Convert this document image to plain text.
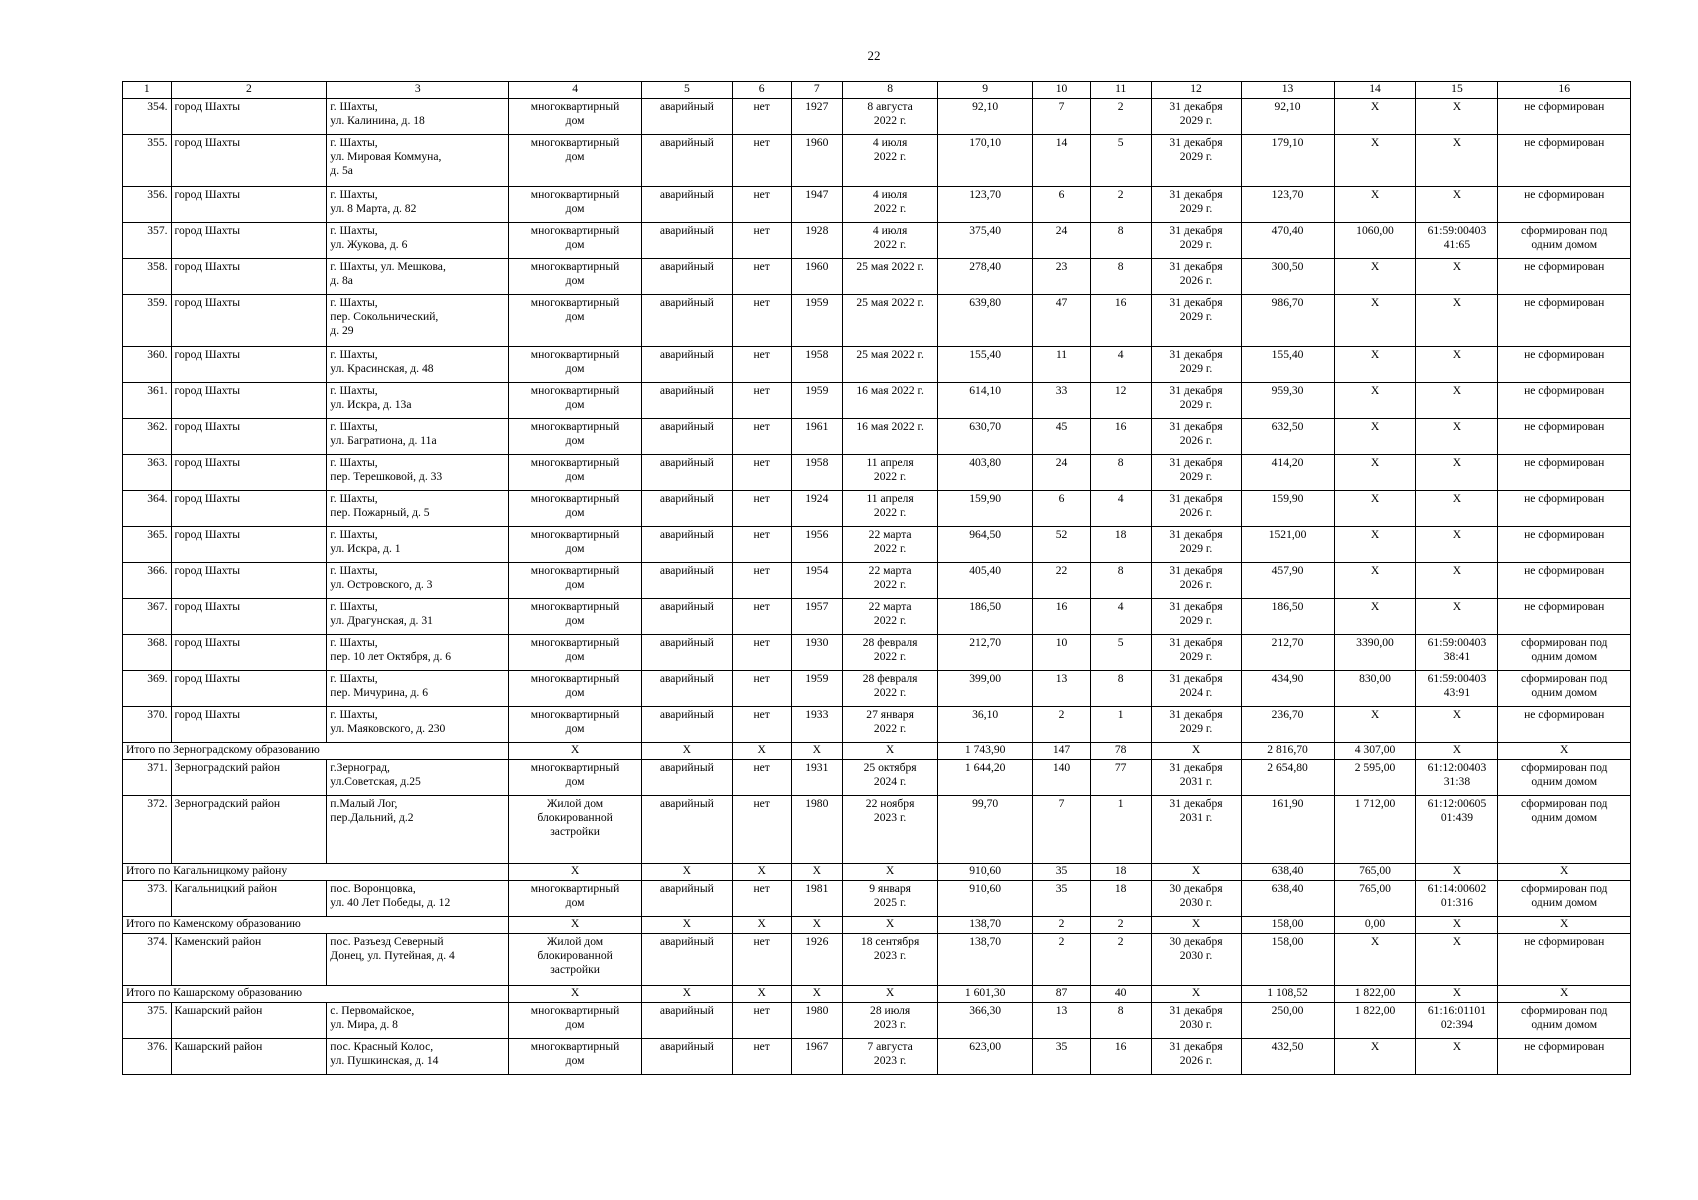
22
1	2	3	4	5	6	7	8	9	10	11	12	13	14	15	16
354.	город Шахты	г. Шахты,
ул. Калинина, д. 18	многоквартирный
дом	аварийный	нет	1927	8 августа
2022 г.	92,10	7	2	31 декабря
2029 г.	92,10	X	X	не сформирован
355.	город Шахты	г. Шахты,
ул. Мировая Коммуна,
д. 5а	многоквартирный
дом	аварийный	нет	1960	4 июля
2022 г.	170,10	14	5	31 декабря
2029 г.	179,10	X	X	не сформирован
356.	город Шахты	г. Шахты,
ул. 8 Марта, д. 82	многоквартирный
дом	аварийный	нет	1947	4 июля
2022 г.	123,70	6	2	31 декабря
2029 г.	123,70	X	X	не сформирован
357.	город Шахты	г. Шахты,
ул. Жукова, д. 6	многоквартирный
дом	аварийный	нет	1928	4 июля
2022 г.	375,40	24	8	31 декабря
2029 г.	470,40	1060,00	61:59:00403
41:65	сформирован под
одним домом
358.	город Шахты	г. Шахты, ул. Мешкова,
д. 8а	многоквартирный
дом	аварийный	нет	1960	25 мая 2022 г.	278,40	23	8	31 декабря
2026 г.	300,50	X	X	не сформирован
359.	город Шахты	г. Шахты,
пер. Сокольнический,
д. 29	многоквартирный
дом	аварийный	нет	1959	25 мая 2022 г.	639,80	47	16	31 декабря
2029 г.	986,70	X	X	не сформирован
360.	город Шахты	г. Шахты,
ул. Красинская, д. 48	многоквартирный
дом	аварийный	нет	1958	25 мая 2022 г.	155,40	11	4	31 декабря
2029 г.	155,40	X	X	не сформирован
361.	город Шахты	г. Шахты,
ул. Искра, д. 13а	многоквартирный
дом	аварийный	нет	1959	16 мая 2022 г.	614,10	33	12	31 декабря
2029 г.	959,30	X	X	не сформирован
362.	город Шахты	г. Шахты,
ул. Багратиона, д. 11а	многоквартирный
дом	аварийный	нет	1961	16 мая 2022 г.	630,70	45	16	31 декабря
2026 г.	632,50	X	X	не сформирован
363.	город Шахты	г. Шахты,
пер. Терешковой, д. 33	многоквартирный
дом	аварийный	нет	1958	11 апреля
2022 г.	403,80	24	8	31 декабря
2029 г.	414,20	X	X	не сформирован
364.	город Шахты	г. Шахты,
пер. Пожарный, д. 5	многоквартирный
дом	аварийный	нет	1924	11 апреля
2022 г.	159,90	6	4	31 декабря
2026 г.	159,90	X	X	не сформирован
365.	город Шахты	г. Шахты,
ул. Искра, д. 1	многоквартирный
дом	аварийный	нет	1956	22 марта
2022 г.	964,50	52	18	31 декабря
2029 г.	1521,00	X	X	не сформирован
366.	город Шахты	г. Шахты,
ул. Островского, д. 3	многоквартирный
дом	аварийный	нет	1954	22 марта
2022 г.	405,40	22	8	31 декабря
2026 г.	457,90	X	X	не сформирован
367.	город Шахты	г. Шахты,
ул. Драгунская, д. 31	многоквартирный
дом	аварийный	нет	1957	22 марта
2022 г.	186,50	16	4	31 декабря
2029 г.	186,50	X	X	не сформирован
368.	город Шахты	г. Шахты,
пер. 10 лет Октября, д. 6	многоквартирный
дом	аварийный	нет	1930	28 февраля
2022 г.	212,70	10	5	31 декабря
2029 г.	212,70	3390,00	61:59:00403
38:41	сформирован под
одним домом
369.	город Шахты	г. Шахты,
пер. Мичурина, д. 6	многоквартирный
дом	аварийный	нет	1959	28 февраля
2022 г.	399,00	13	8	31 декабря
2024 г.	434,90	830,00	61:59:00403
43:91	сформирован под
одним домом
370.	город Шахты	г. Шахты,
ул. Маяковского, д. 230	многоквартирный
дом	аварийный	нет	1933	27 января
2022 г.	36,10	2	1	31 декабря
2029 г.	236,70	X	X	не сформирован
Итого по Зерноградскому образованию			X	X	X	X	X	1 743,90	147	78	X	2 816,70	4 307,00	X	X
371.	Зерноградский район	г.Зерноград,
ул.Советская, д.25	многоквартирный
дом	аварийный	нет	1931	25 октября
2024 г.	1 644,20	140	77	31 декабря
2031 г.	2 654,80	2 595,00	61:12:00403
31:38	сформирован под
одним домом
372.	Зерноградский район	п.Малый Лог,
пер.Дальний, д.2	Жилой дом
блокированной
застройки	аварийный	нет	1980	22 ноября
2023 г.	99,70	7	1	31 декабря
2031 г.	161,90	1 712,00	61:12:00605
01:439	сформирован под
одним домом
Итого по Кагальницкому району			X	X	X	X	X	910,60	35	18	X	638,40	765,00	X	X
373.	Кагальницкий район	пос. Воронцовка,
ул. 40 Лет Победы, д. 12	многоквартирный
дом	аварийный	нет	1981	9 января
2025 г.	910,60	35	18	30 декабря
2030 г.	638,40	765,00	61:14:00602
01:316	сформирован под
одним домом
Итого по Каменскому образованию			X	X	X	X	X	138,70	2	2	X	158,00	0,00	X	X
374.	Каменский район	пос. Разъезд Северный
Донец, ул. Путейная, д. 4	Жилой дом
блокированной
застройки	аварийный	нет	1926	18 сентября
2023 г.	138,70	2	2	30 декабря
2030 г.	158,00	X	X	не сформирован
Итого по Кашарскому образованию			X	X	X	X	X	1 601,30	87	40	X	1 108,52	1 822,00	X	X
375.	Кашарский район	с. Первомайское,
ул. Мира, д. 8	многоквартирный
дом	аварийный	нет	1980	28 июля
2023 г.	366,30	13	8	31 декабря
2030 г.	250,00	1 822,00	61:16:01101
02:394	сформирован под
одним домом
376.	Кашарский район	пос. Красный Колос,
ул. Пушкинская, д. 14	многоквартирный
дом	аварийный	нет	1967	7 августа
2023 г.	623,00	35	16	31 декабря
2026 г.	432,50	X	X	не сформирован
